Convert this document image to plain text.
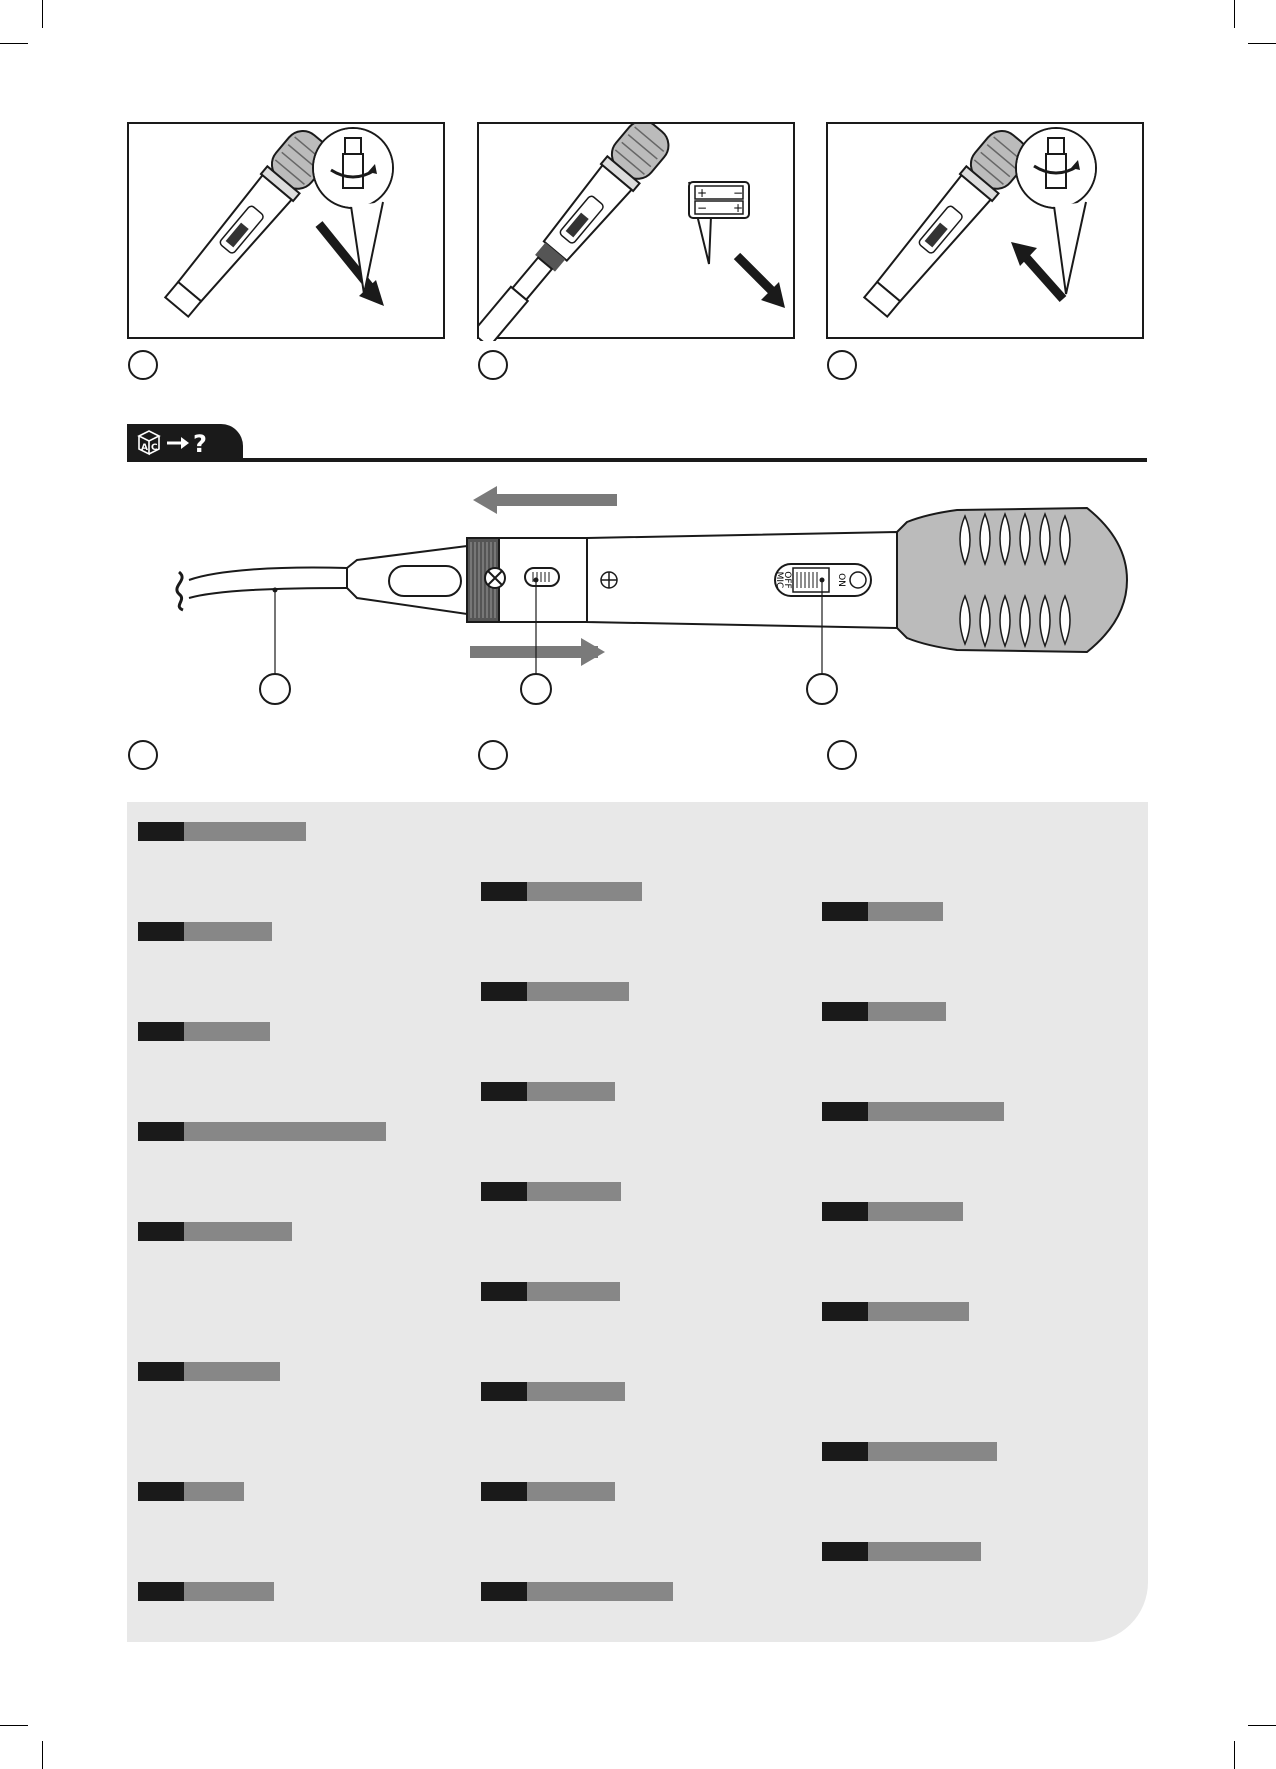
+ −
− +
A C ?
OFF
MIC	ON
